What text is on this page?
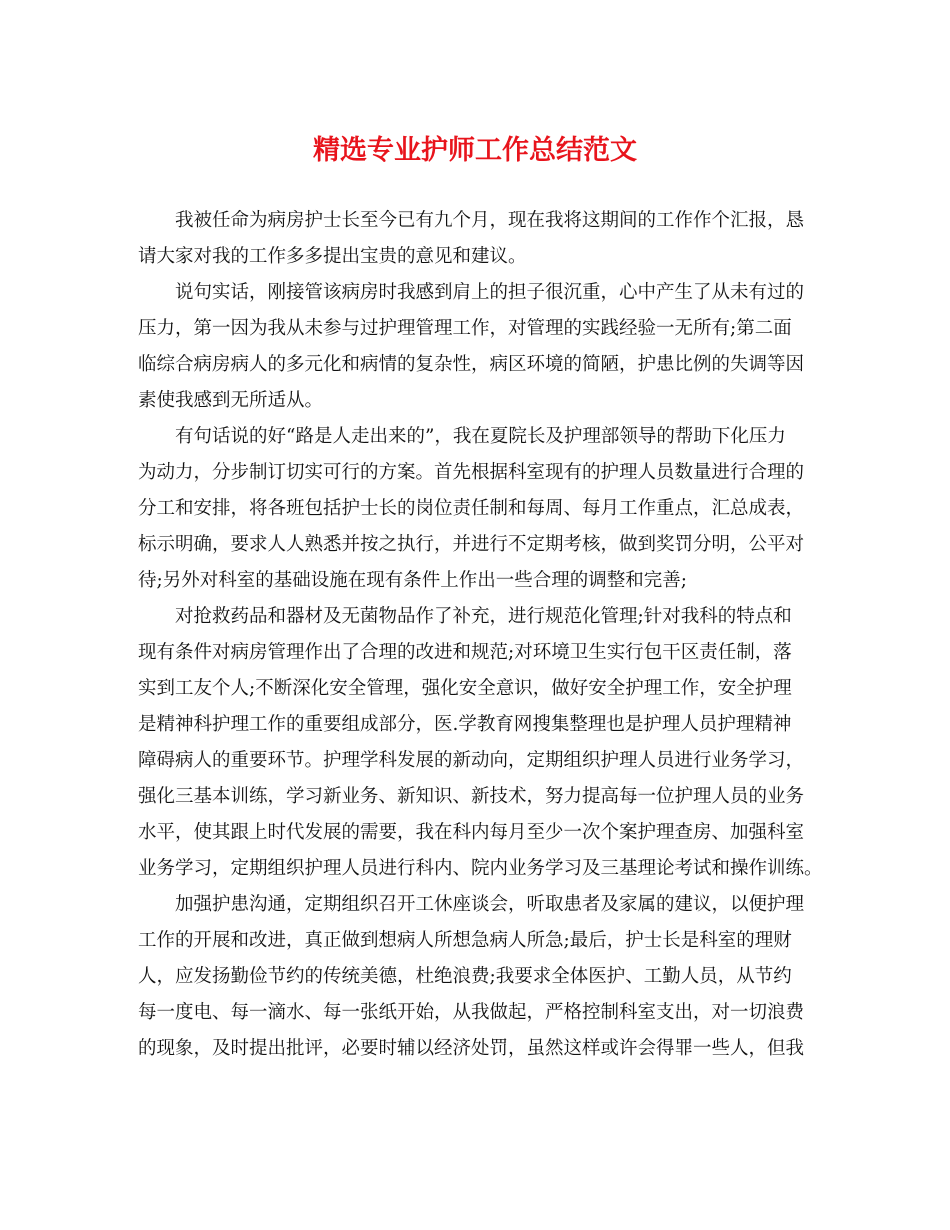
精选专业护师工作总结范文

我被任命为病房护士长至今已有九个月，现在我将这期间的工作作个汇报，恳

请大家对我的工作多多提出宝贵的意见和建议。

说句实话，刚接管该病房时我感到肩上的担子很沉重，心中产生了从未有过的

压力，第一因为我从未参与过护理管理工作，对管理的实践经验一无所有;第二面

临综合病房病人的多元化和病情的复杂性，病区环境的简陋，护患比例的失调等因

素使我感到无所适从。

有句话说的好“路是人走出来的”，我在夏院长及护理部领导的帮助下化压力

为动力，分步制订切实可行的方案。首先根据科室现有的护理人员数量进行合理的

分工和安排，将各班包括护士长的岗位责任制和每周、每月工作重点，汇总成表，

标示明确，要求人人熟悉并按之执行，并进行不定期考核，做到奖罚分明，公平对

待;另外对科室的基础设施在现有条件上作出一些合理的调整和完善;

对抢救药品和器材及无菌物品作了补充，进行规范化管理;针对我科的特点和

现有条件对病房管理作出了合理的改进和规范;对环境卫生实行包干区责任制，落

实到工友个人;不断深化安全管理，强化安全意识，做好安全护理工作，安全护理

是精神科护理工作的重要组成部分，医.学教育网搜集整理也是护理人员护理精神

障碍病人的重要环节。护理学科发展的新动向，定期组织护理人员进行业务学习，

强化三基本训练，学习新业务、新知识、新技术，努力提高每一位护理人员的业务

水平，使其跟上时代发展的需要，我在科内每月至少一次个案护理查房、加强科室

业务学习，定期组织护理人员进行科内、院内业务学习及三基理论考试和操作训练。

加强护患沟通，定期组织召开工休座谈会，听取患者及家属的建议，以便护理

工作的开展和改进，真正做到想病人所想急病人所急;最后，护士长是科室的理财

人，应发扬勤俭节约的传统美德，杜绝浪费;我要求全体医护、工勤人员，从节约

每一度电、每一滴水、每一张纸开始，从我做起，严格控制科室支出，对一切浪费

的现象，及时提出批评，必要时辅以经济处罚，虽然这样或许会得罪一些人，但我
